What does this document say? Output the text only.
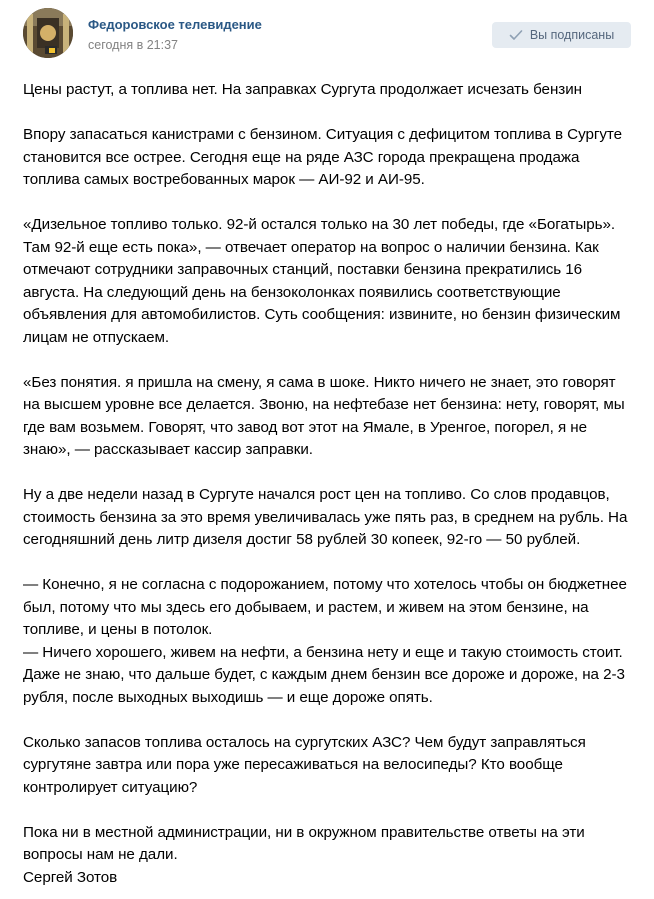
Федоровское телевидение
сегодня в 21:37
Вы подписаны

Цены растут, а топлива нет. На заправках Сургута продолжает исчезать бензин

Впору запасаться канистрами с бензином. Ситуация с дефицитом топлива в Сургуте становится все острее. Сегодня еще на ряде АЗС города прекращена продажа топлива самых востребованных марок — АИ-92 и АИ-95.

«Дизельное топливо только. 92-й остался только на 30 лет победы, где «Богатырь». Там 92-й еще есть пока», — отвечает оператор на вопрос о наличии бензина. Как отмечают сотрудники заправочных станций, поставки бензина прекратились 16 августа. На следующий день на бензоколонках появились соответствующие объявления для автомобилистов. Суть сообщения: извините, но бензин физическим лицам не отпускаем.

«Без понятия. я пришла на смену, я сама в шоке. Никто ничего не знает, это говорят на высшем уровне все делается. Звоню, на нефтебазе нет бензина: нету, говорят, мы где вам возьмем. Говорят, что завод вот этот на Ямале, в Уренгое, погорел, я не знаю», — рассказывает кассир заправки.

Ну а две недели назад в Сургуте начался рост цен на топливо. Со слов продавцов, стоимость бензина за это время увеличивалась уже пять раз, в среднем на рубль. На сегодняшний день литр дизеля достиг 58 рублей 30 копеек, 92-го — 50 рублей.

— Конечно, я не согласна с подорожанием, потому что хотелось чтобы он бюджетнее был, потому что мы здесь его добываем, и растем, и живем на этом бензине, на топливе, и цены в потолок.

— Ничего хорошего, живем на нефти, а бензина нету и еще и такую стоимость стоит. Даже не знаю, что дальше будет, с каждым днем бензин все дороже и дороже, на 2-3 рубля, после выходных выходишь — и еще дороже опять.

Сколько запасов топлива осталось на сургутских АЗС? Чем будут заправляться сургутяне завтра или пора уже пересаживаться на велосипеды? Кто вообще контролирует ситуацию?

Пока ни в местной администрации, ни в окружном правительстве ответы на эти вопросы нам не дали.

Сергей Зотов
